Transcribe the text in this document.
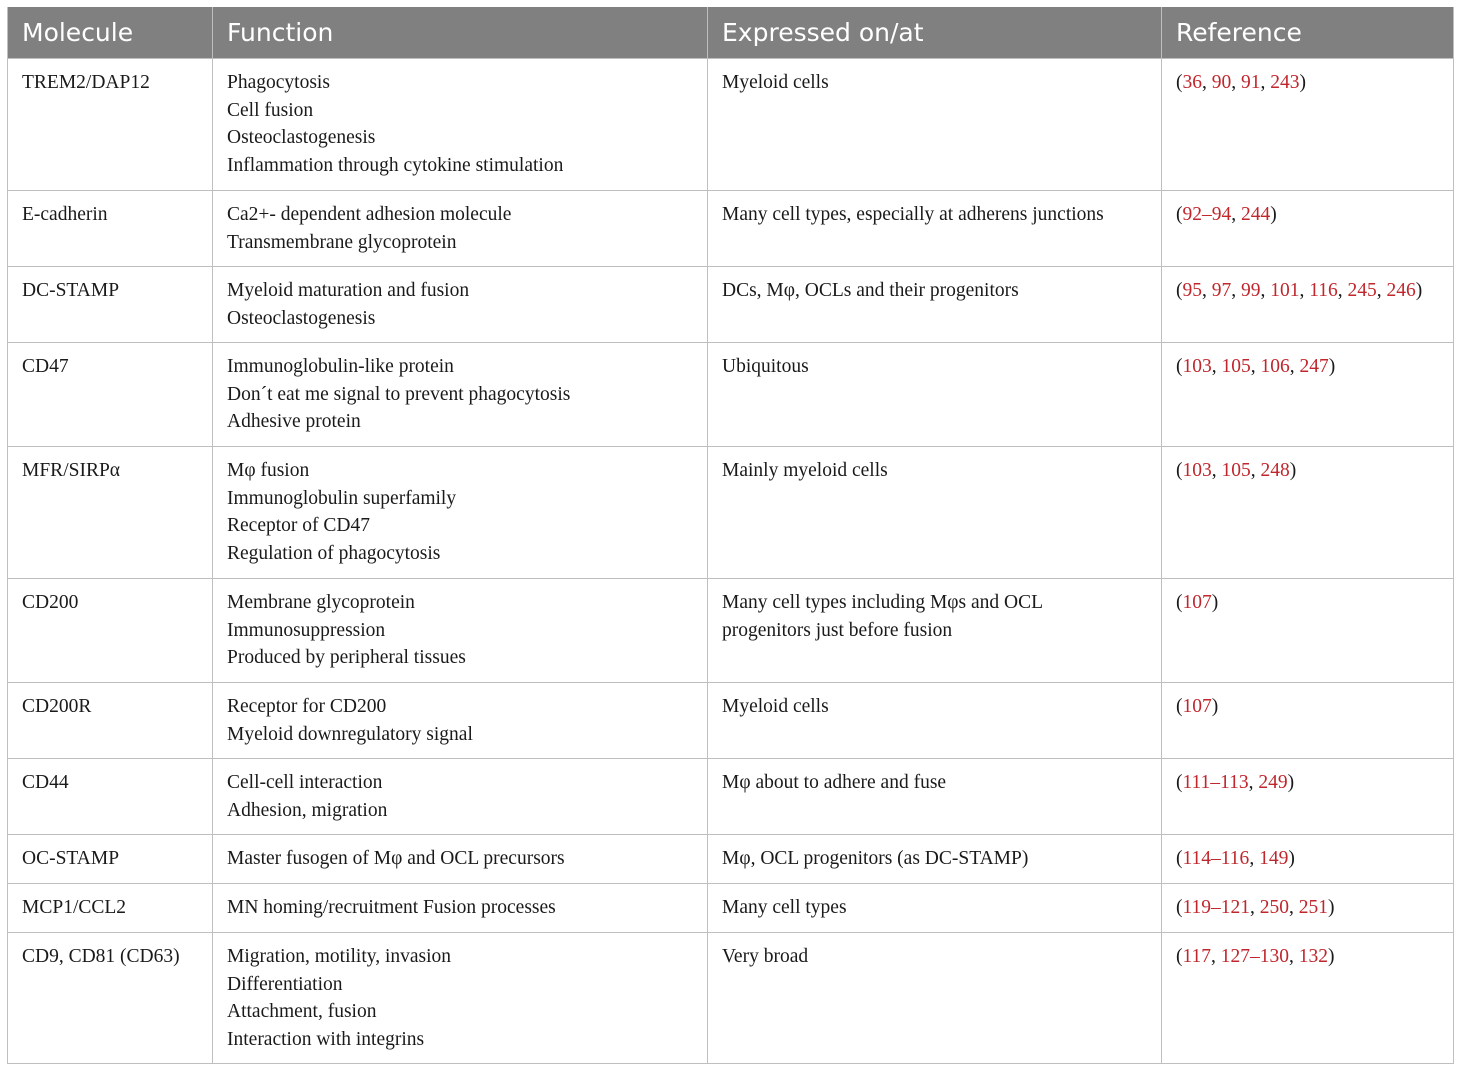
Molecule	Function	Expressed on/at	Reference

TREM2/DAP12	Phagocytosis
Cell fusion
Osteoclastogenesis
Inflammation through cytokine stimulation	Myeloid cells	(36, 90, 91, 243)

E-cadherin	Ca2+- dependent adhesion molecule
Transmembrane glycoprotein	Many cell types, especially at adherens junctions	(92–94, 244)

DC-STAMP	Myeloid maturation and fusion
Osteoclastogenesis	DCs, Mφ, OCLs and their progenitors	(95, 97, 99, 101, 116, 245, 246)

CD47	Immunoglobulin-like protein
Don´t eat me signal to prevent phagocytosis
Adhesive protein	Ubiquitous	(103, 105, 106, 247)

MFR/SIRPα	Mφ fusion
Immunoglobulin superfamily
Receptor of CD47
Regulation of phagocytosis	Mainly myeloid cells	(103, 105, 248)

CD200	Membrane glycoprotein
Immunosuppression
Produced by peripheral tissues	Many cell types including Mφs and OCL
progenitors just before fusion	(107)

CD200R	Receptor for CD200
Myeloid downregulatory signal	Myeloid cells	(107)

CD44	Cell-cell interaction
Adhesion, migration	Mφ about to adhere and fuse	(111–113, 249)

OC-STAMP	Master fusogen of Mφ and OCL precursors	Mφ, OCL progenitors (as DC-STAMP)	(114–116, 149)

MCP1/CCL2	MN homing/recruitment Fusion processes	Many cell types	(119–121, 250, 251)

CD9, CD81 (CD63)	Migration, motility, invasion
Differentiation
Attachment, fusion
Interaction with integrins	Very broad	(117, 127–130, 132)
